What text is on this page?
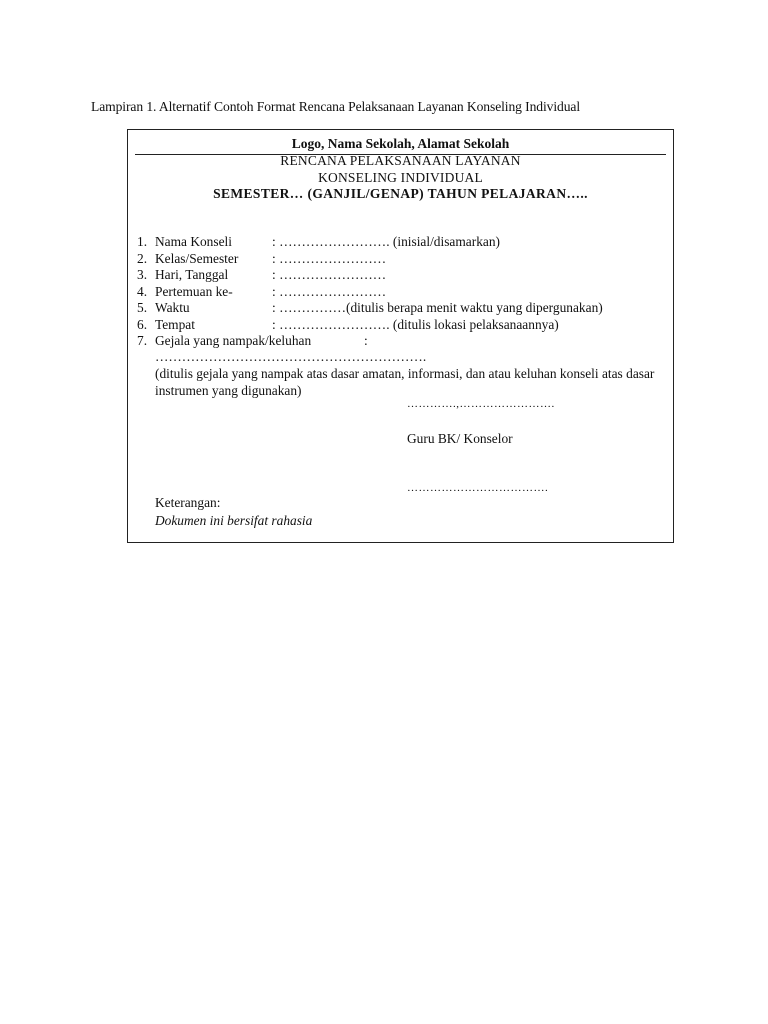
Lampiran 1. Alternatif Contoh Format Rencana Pelaksanaan Layanan Konseling Individual
Logo, Nama Sekolah, Alamat Sekolah
RENCANA PELAKSANAAN LAYANAN
KONSELING INDIVIDUAL
SEMESTER… (GANJIL/GENAP) TAHUN PELAJARAN…..
1. Nama Konseli	: ……………………. (inisial/disamarkan)
2. Kelas/Semester	: ……………………
3. Hari, Tanggal	: ……………………
4. Pertemuan ke-	: ……………………
5. Waktu	: ……………(ditulis berapa menit waktu yang dipergunakan)
6. Tempat	: ……………………. (ditulis lokasi pelaksanaannya)
7. Gejala yang nampak/keluhan	:
…………………………………………………….
(ditulis gejala yang nampak atas dasar amatan, informasi, dan atau keluhan konseli atas dasar instrumen yang digunakan)
………….,…………………….
Guru BK/ Konselor
……………………………….
Keterangan:
Dokumen ini bersifat rahasia
